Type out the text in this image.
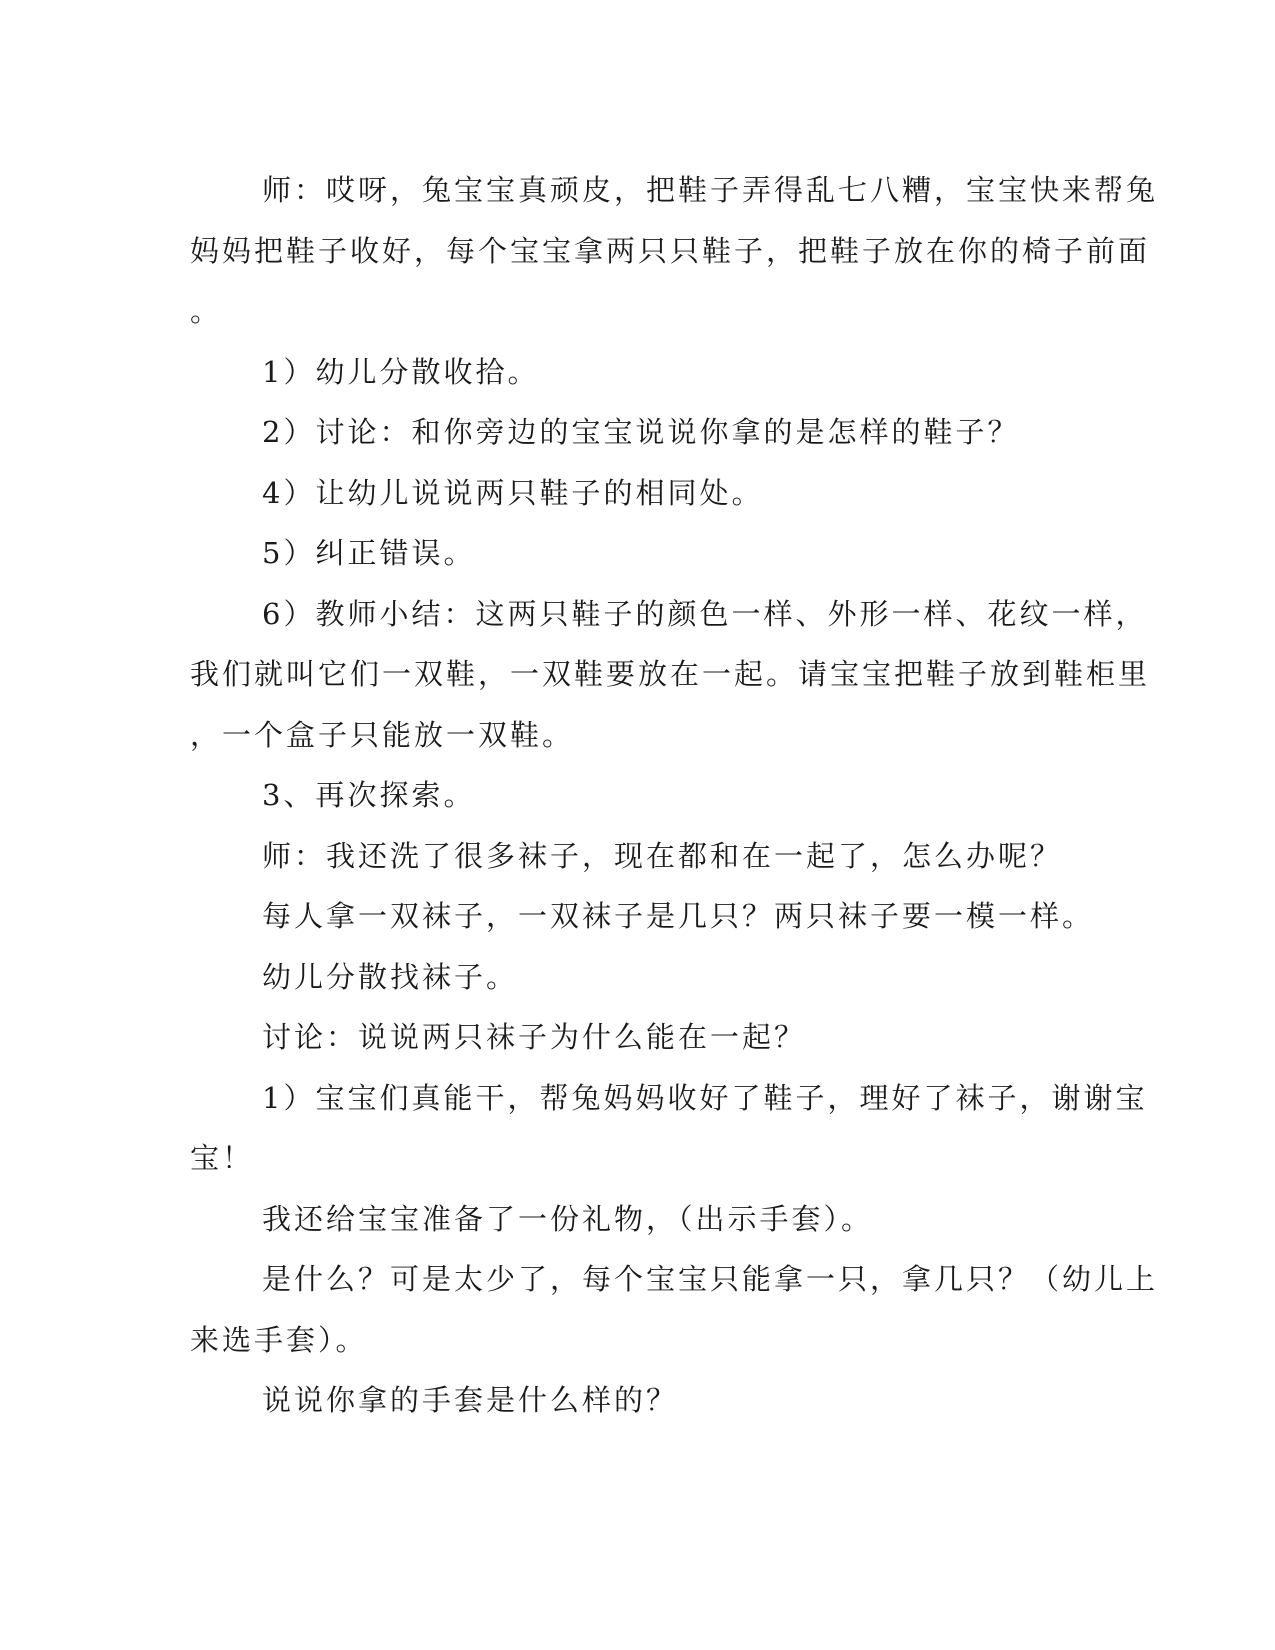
师：哎呀，兔宝宝真顽皮，把鞋子弄得乱七八糟，宝宝快来帮兔
妈妈把鞋子收好，每个宝宝拿两只只鞋子，把鞋子放在你的椅子前面
。
1）幼儿分散收拾。
2）讨论：和你旁边的宝宝说说你拿的是怎样的鞋子？
4）让幼儿说说两只鞋子的相同处。
5）纠正错误。
6）教师小结：这两只鞋子的颜色一样、外形一样、花纹一样，
我们就叫它们一双鞋，一双鞋要放在一起。请宝宝把鞋子放到鞋柜里
，一个盒子只能放一双鞋。
3、再次探索。
师：我还洗了很多袜子，现在都和在一起了，怎么办呢？
每人拿一双袜子，一双袜子是几只？两只袜子要一模一样。
幼儿分散找袜子。
讨论：说说两只袜子为什么能在一起？
1）宝宝们真能干，帮兔妈妈收好了鞋子，理好了袜子，谢谢宝
宝！
我还给宝宝准备了一份礼物，（出示手套）。
是什么？可是太少了，每个宝宝只能拿一只，拿几只？（幼儿上
来选手套）。
说说你拿的手套是什么样的？
